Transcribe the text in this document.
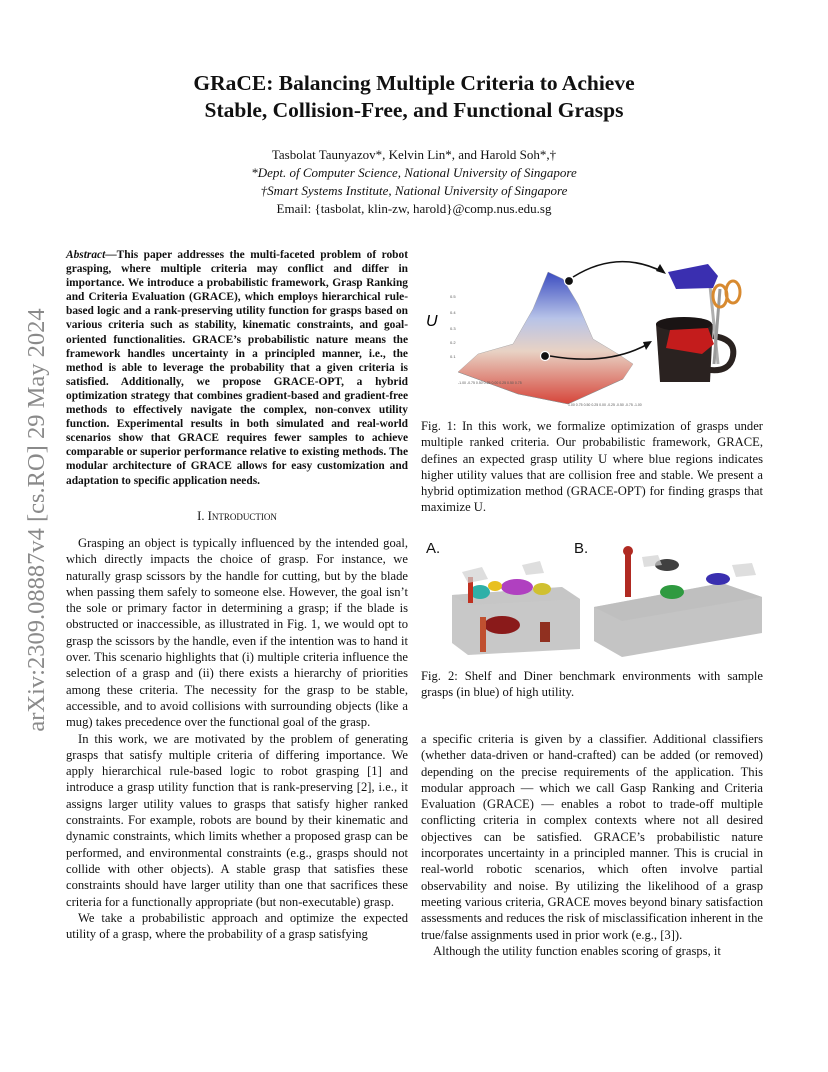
arXiv:2309.08887v4 [cs.RO] 29 May 2024
GRaCE: Balancing Multiple Criteria to Achieve
Stable, Collision-Free, and Functional Grasps
Tasbolat Taunyazov*, Kelvin Lin*, and Harold Soh*,†
*Dept. of Computer Science, National University of Singapore
†Smart Systems Institute, National University of Singapore
Email: {tasbolat, klin-zw, harold}@comp.nus.edu.sg
Abstract—This paper addresses the multi-faceted problem of robot grasping, where multiple criteria may conflict and differ in importance. We introduce a probabilistic framework, Grasp Ranking and Criteria Evaluation (GRACE), which employs hierarchical rule-based logic and a rank-preserving utility function for grasps based on various criteria such as stability, kinematic constraints, and goal-oriented functionalities. GRACE’s probabilistic nature means the framework handles uncertainty in a principled manner, i.e., the method is able to leverage the probability that a given criteria is satisfied. Additionally, we propose GRACE-OPT, a hybrid optimization strategy that combines gradient-based and gradient-free methods to effectively navigate the complex, non-convex utility function. Experimental results in both simulated and real-world scenarios show that GRACE requires fewer samples to achieve comparable or superior performance relative to existing methods. The modular architecture of GRACE allows for easy customization and adaptation to specific application needs.
I. Introduction

Grasping an object is typically influenced by the intended goal, which directly impacts the choice of grasp. For instance, we naturally grasp scissors by the handle for cutting, but by the blade when passing them safely to someone else. However, the goal isn’t the sole or primary factor in determining a grasp; if the blade is obstructed or inaccessible, as illustrated in Fig. 1, we would opt to grasp the scissors by the handle, even if the intention was to hand it over. This scenario highlights that (i) multiple criteria influence the selection of a grasp and (ii) there exists a hierarchy of priorities among these criteria. The necessity for the grasp to be stable, accessible, and to avoid collisions with surrounding objects (like a mug) takes precedence over the functional goal of the grasp.

In this work, we are motivated by the problem of generating grasps that satisfy multiple criteria of differing importance. We apply hierarchical rule-based logic to robot grasping [1] and introduce a grasp utility function that is rank-preserving [2], i.e., it assigns larger utility values to grasps that satisfy higher ranked constraints. For example, robots are bound by their kinematic and dynamic constraints, which limits whether a proposed grasp can be performed, and environmental constraints (e.g., grasps should not collide with other objects). A stable grasp that satisfies these constraints should have larger utility than one that sacrifices these criteria for a functionally appropriate (but non-executable) grasp.

We take a probabilistic approach and optimize the expected utility of a grasp, where the probability of a grasp satisfying

0.5
0.4
0.3
0.2
0.1
U
-1.00 -0.75 0.50 0.25 0.00 0.25 0.50 0.75
1.00 0.75 0.50 0.25 0.00 -0.25 -0.50 -0.75 -1.00
Fig. 1: In this work, we formalize optimization of grasps under multiple ranked criteria. Our probabilistic framework, GRACE, defines an expected grasp utility U where blue regions indicates higher utility values that are collision free and stable. We present a hybrid optimization method (GRACE-OPT) for finding grasps that maximize U.
A.	B.
Fig. 2: Shelf and Diner benchmark environments with sample grasps (in blue) of high utility.

a specific criteria is given by a classifier. Additional classifiers (whether data-driven or hand-crafted) can be added (or removed) depending on the precise requirements of the application. This modular approach — which we call Gasp Ranking and Criteria Evaluation (GRACE) — enables a robot to trade-off multiple conflicting criteria in complex contexts where not all desired objectives can be satisfied. GRACE’s probabilistic nature incorporates uncertainty in a principled manner. This is crucial in real-world robotic scenarios, which often involve partial observability and noise. By utilizing the likelihood of a grasp meeting various criteria, GRACE moves beyond binary satisfaction assessments and reduces the risk of misclassification inherent in the true/false assignments used in prior work (e.g., [3]).

Although the utility function enables scoring of grasps, it
